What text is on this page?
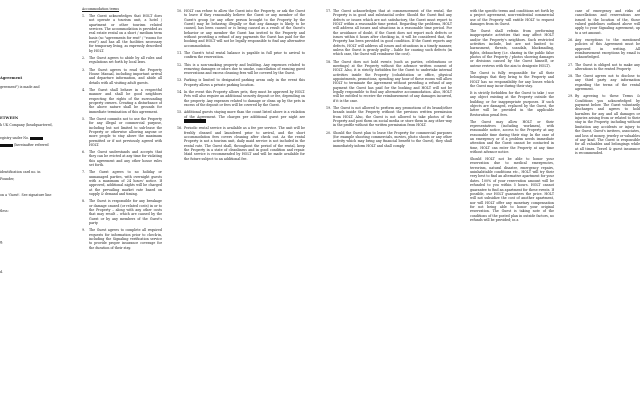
Agreement

greement") is made and

ETWEEN

h UK Company (headquartered,

egistry under No.

(hereinafter referred

identification card no. in

Founder,

on a 'Guest'. See signature line

tless:

g,

d.

Accommodation terms

1. The Guest acknowledges that HOLT does not operate a tourism unit, a hotel / apartment or other tourism related services. The accommodation is provided as real estate rental on a short / medium term basis (so "agreements for rent" / "rooms for rent") and has all the facilities necessary for temporary living, as expressly described by HOLT.
2. The Guest agrees to abide by all rules and regulations set forth by local laws.
3. The Guest agrees to read the Property House Manual, including important arrival and departure information, and abide all details with all visiting adult guests.
4. The Guest shall behave in a respectful manner and shall be good neighbors respecting the rights of the surrounding property owners. Creating a disturbance of the above nature shall be grounds for immediate termination of this agreement.
5. The Guest commits not to use the Property for any illegal or commercial purpose, including but not limited to sub-lease the Property or otherwise allowing anyone or more people to stay above the maximum permitted or if not previously agreed with HOLT.
6. The Guest understands and accepts that they can be evicted at any time for violating this agreement and any other house rules set forth.
7. The Guest agrees to no holiday or unmanaged parties, with overnight guests with a maximum of 24 hours' notice. If approved, additional nights will be charged at the prevailing market rate based on supply & demand and timing.
8. The Guest is responsible for any breakage or damage caused (or related costs) in or to the Property – along with any other costs that may result – which are caused by the Guest or by any members of the Guest's party.
9. The Guest agrees to complete all required requests for information prior to check-in, including the Signaling verification service to provide proper insurance coverage for the duration of their stay.
10. HOLT can refuse to allow the Guest into the Property, or ask the Guest to leave if they reasonably believe the Guest or any member of the Guest's group (or any other person brought to the Property by the Guest) may be behaving illegally or that any damage is likely to be caused, has been caused or is being caused as a result of the Guest's behavior or any member the Guest has invited to the Property and without providing a refund of any payments the Guest has paid for the booking and HOLT will not be legally responsible to find any alternative accommodation.
11. The Guest's total rental balance is payable in full prior to arrival to confirm the reservation.
12. This is a non-smoking property and building. Any expenses related to removing damages or odors due to smoke, cancellation of ensuing guest reservations and excess cleaning fees will be covered by the Guest.
13. Parking is limited to designated parking areas only in the event this Property allows a private parking location.
14. In the event this Property allows pets, they must be approved by HOLT. Pets will also require an additional security deposit or fee, depending on the property. Any expenses related to damage or clean up by the pets in excess of the deposit or fees will be covered by the Guest.
15. Additional guests staying more than the count listed above is a violation of the Agreement. The charges per additional guest per night are
16. Periodic rental service is available as a fee per service. The unit will be freshly cleaned and laundered prior to arrival, and the short accommodation fees covers cleaning after check out. As the rental Property is not a tourism unit, daily maid service is not included in the rental rate. The Guest shall, throughout the period of the rental, keep the Property in a state of cleanliness and in good condition and repair. Maid service is recommended by HOLT and will be made available for the future subject to an additional fee.
17. The Guest acknowledges that at commencement of the rental, the Property is in good and substantial order. Should the Guest find any defects or issues which are not satisfactory, the Guest must report to HOLT within a reasonable time period. Regarding the problems, HOLT will address all issues and situations in a reasonable time period. For the avoidance of doubt, if the Guest does not report such defects or issues within 6 hours after checking in, it will be considered that, the Property has been provided in good condition. If the Guest reports any defects, HOLT will address all issues and situations in a timely manner, unless the Guest is grossly guilty – liable for causing such defects (in which case, the Guest will reimburse the cost).
18. The Guest does not hold events (such as parties, celebrations or meetings) at the Property without the advance written consent of HOLT. Also, it is strictly forbidden for the Guest to undertake internal activities inside the Property (cohabitation or office, physical appointments, promotions, spending any hour of these rooms will allow HOLT to terminate the Agreement without providing a refund of any payment the Guest has paid for the booking and HOLT will not be legally responsible to find any alternative accommodation. Also, HOLT will be entitled to receive the reimbursement of any damages incurred, if it is the case.
19. The Guest is not allowed to perform any promotions of its brand/other brands inside the Property without the previous written permission from HOLT. Also, the Guest is not allowed to take photos of the Property and post them on social media or store them in any other way in the profile without the written permission from HOLT.
20. Should the Guest plan to lease the Property for commercial purposes (for example shooting commercials, movies, photo shoots or any other activity which may bring any financial benefit to the Guest), they shall immediately inform HOLT and shall comply

with the specific terms and conditions set forth by a project agreement, non-residential commercial use of the Property will entitle HOLT to request damages from its Guest.

The Guest shall refrain from performing inappropriate activities that may affect HOLT and/or the Property's neighbors. Such restricted activities include, but are not limited to: harassment, threats, scandals, blackmailing, fights, debauchery (i.e. sharing in the public false photos of the Property / photos showing damages or divisions caused by the Guest himself, or untrue reviews with the aim to denigrate HOLT).

The Guest is fully responsible for all their belongings that they bring to the Property and HOLT has no responsibility for any losses which the Guest may incur during their stay.

It is strictly forbidden for the Guest to take / use any object existing at the Property outside the building or for inappropriate purposes. If such objects are damaged, replaced by the Guest, the latter will be provided in the applicable Restoration penal fees.

The Guest may allow HOLT or their representatives (including workmen), with reasonable notice, access to the Property at any reasonable time during their stay. In the case of an emergency or if a problem needs immediate attention and the Guest cannot be contacted in time, HOLT can enter the Property at any time without advance notice.

Should HOLT not be able to honor your reservation due to medical emergencies, terrorism, natural disaster, emergency repairs, uninhabitable conditions etc., HOLT will try their very best to find an alternative apartment for your dates. 100% of your reservation amount will be refunded to you within 5 hours. HOLT cannot guarantee to find an apartment for these events. If possible, our HOLT guarantees the price. HOLT will not subsidize the cost of another apartment, nor will HOLT offer any monetary compensation for not being able to honor your original reservation. The Guest is taking note of the conditions of the posted plan in outside factors, no refunds will be provided; in a

case of emergency and risks of cancellations and reservations are issued to the location of the, those valued guidelines outlined above will apply to your Signaling agreement, up to a set amount.
26. Any exceptions to the mentioned policies of this Agreement must be approved in writing. All reimbursement exceptions by email is acknowledged.
27. The Guest is obliged not to make any alterations to the rented Property.
28. The Guest agrees not to disclose to any third party any information regarding the terms of the rental agreement.
29. By agreeing to these Terms & Conditions you acknowledged by payment below. The Guest voluntarily discharges and agrees to hold harmless for any and all damages or injuries arising from or related to their stay in the Property, including without limitation any accidents or injury to the Guest, Guest's invitees, associates, and loss of money, jewelry or valuables of any kind. The Guest is responsible for all valuables and belongings while at all times. Travel & guest insurance is recommended.
